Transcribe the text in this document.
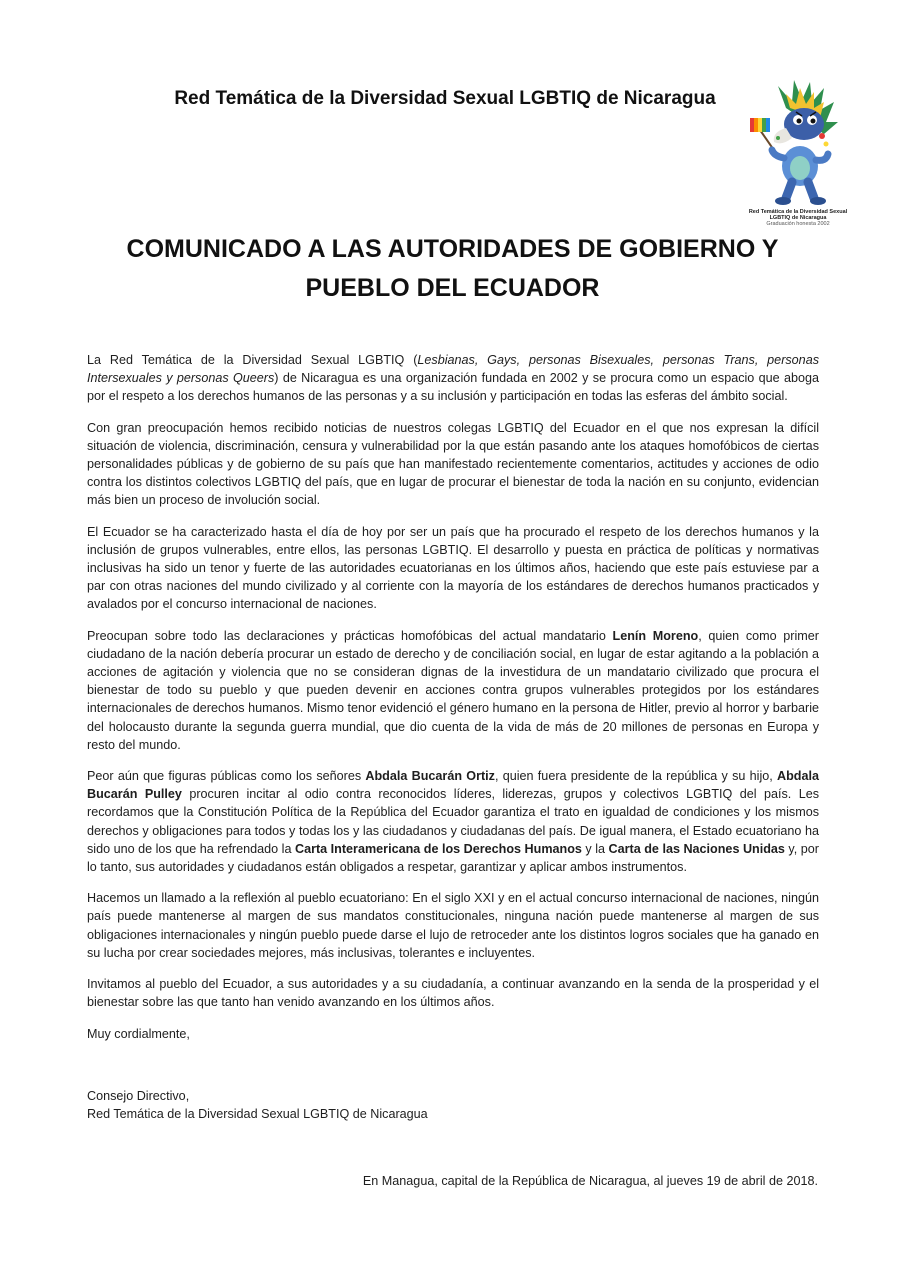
Red Temática de la Diversidad Sexual LGBTIQ de Nicaragua
Red Temática de la Diversidad Sexual
LGBTIQ de Nicaragua
Graduación honesta 2002
COMUNICADO A LAS AUTORIDADES DE GOBIERNO Y
PUEBLO DEL ECUADOR

La Red Temática de la Diversidad Sexual LGBTIQ (Lesbianas, Gays, personas Bisexuales, personas Trans, personas Intersexuales y personas Queers) de Nicaragua es una organización fundada en 2002 y se procura como un espacio que aboga por el respeto a los derechos humanos de las personas y a su inclusión y participación en todas las esferas del ámbito social.

Con gran preocupación hemos recibido noticias de nuestros colegas LGBTIQ del Ecuador en el que nos expresan la difícil situación de violencia, discriminación, censura y vulnerabilidad por la que están pasando ante los ataques homofóbicos de ciertas personalidades públicas y de gobierno de su país que han manifestado recientemente comentarios, actitudes y acciones de odio contra los distintos colectivos LGBTIQ del país, que en lugar de procurar el bienestar de toda la nación en su conjunto, evidencian más bien un proceso de involución social.

El Ecuador se ha caracterizado hasta el día de hoy por ser un país que ha procurado el respeto de los derechos humanos y la inclusión de grupos vulnerables, entre ellos, las personas LGBTIQ. El desarrollo y puesta en práctica de políticas y normativas inclusivas ha sido un tenor y fuerte de las autoridades ecuatorianas en los últimos años, haciendo que este país estuviese par a par con otras naciones del mundo civilizado y al corriente con la mayoría de los estándares de derechos humanos practicados y avalados por el concurso internacional de naciones.

Preocupan sobre todo las declaraciones y prácticas homofóbicas del actual mandatario Lenín Moreno, quien como primer ciudadano de la nación debería procurar un estado de derecho y de conciliación social, en lugar de estar agitando a la población a acciones de agitación y violencia que no se consideran dignas de la investidura de un mandatario civilizado que procura el bienestar de todo su pueblo y que pueden devenir en acciones contra grupos vulnerables protegidos por los estándares internacionales de derechos humanos. Mismo tenor evidenció el género humano en la persona de Hitler, previo al horror y barbarie del holocausto durante la segunda guerra mundial, que dio cuenta de la vida de más de 20 millones de personas en Europa y resto del mundo.

Peor aún que figuras públicas como los señores Abdala Bucarán Ortiz, quien fuera presidente de la república y su hijo, Abdala Bucarán Pulley procuren incitar al odio contra reconocidos líderes, liderezas, grupos y colectivos LGBTIQ del país. Les recordamos que la Constitución Política de la República del Ecuador garantiza el trato en igualdad de condiciones y los mismos derechos y obligaciones para todos y todas los y las ciudadanos y ciudadanas del país. De igual manera, el Estado ecuatoriano ha sido uno de los que ha refrendado la Carta Interamericana de los Derechos Humanos y la Carta de las Naciones Unidas y, por lo tanto, sus autoridades y ciudadanos están obligados a respetar, garantizar y aplicar ambos instrumentos.

Hacemos un llamado a la reflexión al pueblo ecuatoriano: En el siglo XXI y en el actual concurso internacional de naciones, ningún país puede mantenerse al margen de sus mandatos constitucionales, ninguna nación puede mantenerse al margen de sus obligaciones internacionales y ningún pueblo puede darse el lujo de retroceder ante los distintos logros sociales que ha ganado en su lucha por crear sociedades mejores, más inclusivas, tolerantes e incluyentes.

Invitamos al pueblo del Ecuador, a sus autoridades y a su ciudadanía, a continuar avanzando en la senda de la prosperidad y el bienestar sobre las que tanto han venido avanzando en los últimos años.

Muy cordialmente,

Consejo Directivo,
Red Temática de la Diversidad Sexual LGBTIQ de Nicaragua
En Managua, capital de la República de Nicaragua, al jueves 19 de abril de 2018.
